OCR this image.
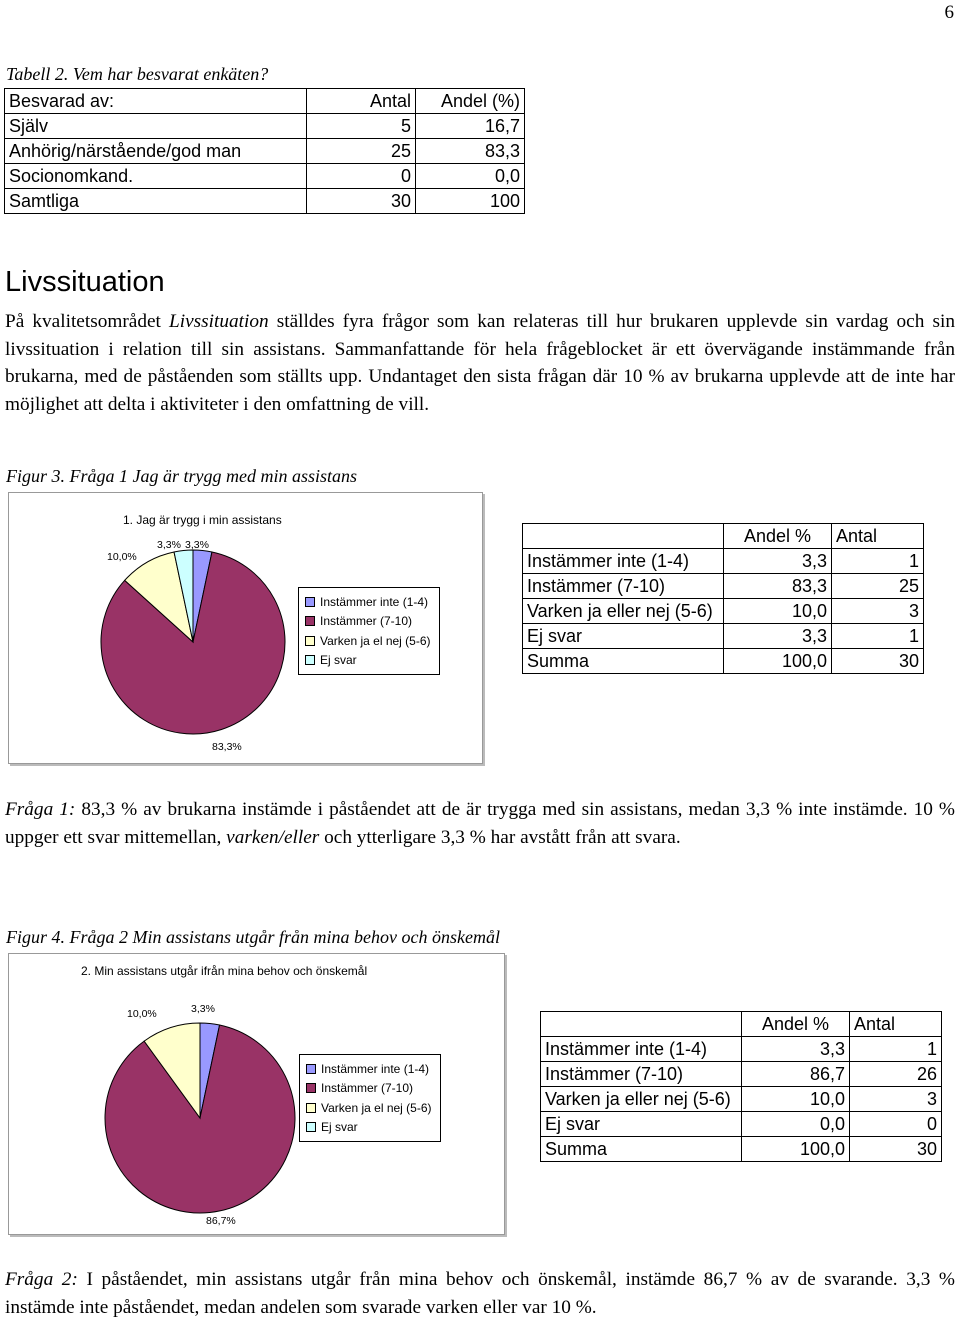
6
Tabell 2. Vem har besvarat enkäten?
Besvarad av:	Antal	Andel (%)
Själv	5	16,7
Anhörig/närstående/god man	25	83,3
Socionomkand.	0	0,0
Samtliga	30	100
Livssituation
På kvalitetsområdet Livssituation ställdes fyra frågor som kan relateras till hur brukaren upplevde sin vardag och sin livssituation i relation till sin assistans. Sammanfattande för hela frågeblocket är ett övervägande instämmande från brukarna, med de påståenden som ställts upp. Undantaget den sista frågan där 10 % av brukarna upplevde att de inte har möjlighet att delta i aktiviteter i den omfattning de vill.
Figur 3. Fråga 1 Jag är trygg med min assistans
1. Jag är trygg i min assistans
10,0%
3,3% 3,3%
83,3%
Instämmer inte (1-4)
Instämmer (7-10)
Varken ja el nej (5-6)
Ej svar
	Andel %	Antal
Instämmer inte (1-4)	3,3	1
Instämmer (7-10)	83,3	25
Varken ja eller nej (5-6)	10,0	3
Ej svar	3,3	1
Summa	100,0	30
Fråga 1: 83,3 % av brukarna instämde i påståendet att de är trygga med sin assistans, medan 3,3 % inte instämde. 10 % uppger ett svar mittemellan, varken/eller och ytterligare 3,3 % har avstått från att svara.
Figur 4. Fråga 2 Min assistans utgår från mina behov och önskemål
2. Min assistans utgår ifrån mina behov och önskemål
10,0%	3,3%
86,7%
Instämmer inte (1-4)
Instämmer (7-10)
Varken ja el nej (5-6)
Ej svar
	Andel %	Antal
Instämmer inte (1-4)	3,3	1
Instämmer (7-10)	86,7	26
Varken ja eller nej (5-6)	10,0	3
Ej svar	0,0	0
Summa	100,0	30
Fråga 2: I påståendet, min assistans utgår från mina behov och önskemål, instämde 86,7 % av de svarande. 3,3 % instämde inte påståendet, medan andelen som svarade varken eller var 10 %.
